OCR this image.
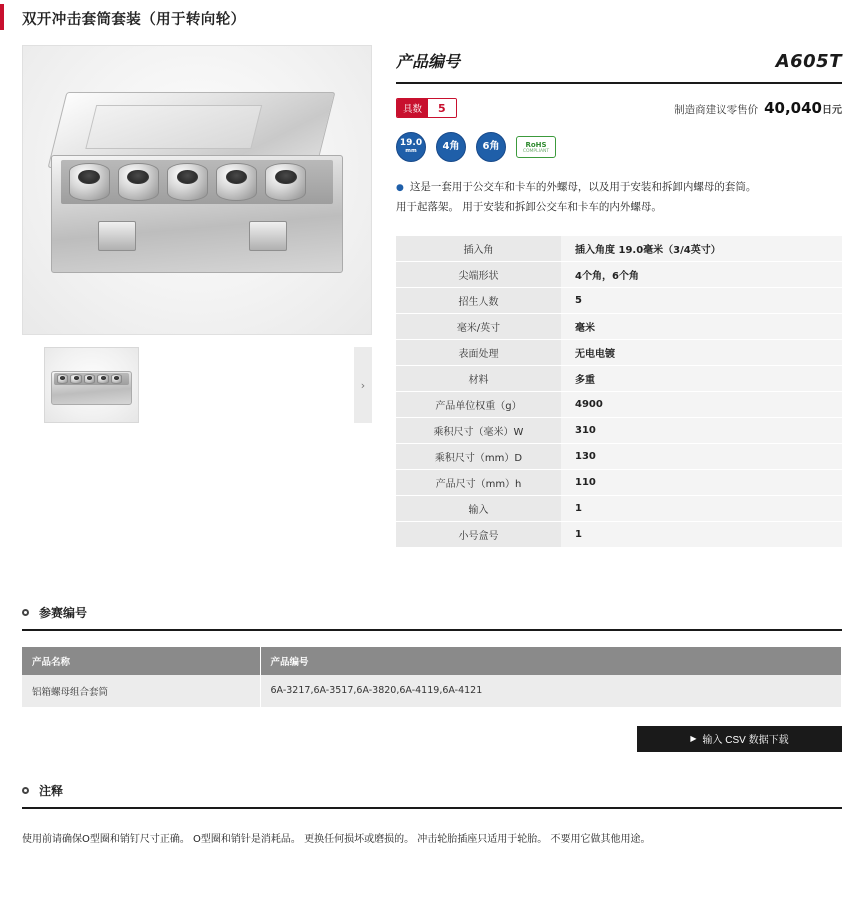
双开冲击套筒套装（用于转向轮）
›
产品编号	A605T
具数	5	制造商建议零售价 40,040日元
19.0
mm	4角 6角	RoHS
COMPLIANT
● 这是一套用于公交车和卡车的外螺母，以及用于安装和拆卸内螺母的套筒。
用于起落架。 用于安装和拆卸公交车和卡车的内外螺母。
插入角	插入角度 19.0毫米（3/4英寸）
尖端形状	4个角，6个角
招生人数	5
毫米/英寸	毫米
表面处理	无电电镀
材料	多重
产品单位权重（g）	4900
乘积尺寸（毫米）W	310
乘积尺寸（mm）D	130
产品尺寸（mm）h	110
输入	1
小号盒号	1
参赛编号
产品名称	产品编号
铝箱螺母组合套筒	6A-3217,6A-3517,6A-3820,6A-4119,6A-4121
▶ 输入 CSV 数据下载
注释
使用前请确保O型圈和销钉尺寸正确。 O型圈和销针是消耗品。 更换任何损坏或磨损的。 冲击轮胎插座只适用于轮胎。 不要用它做其他用途。
